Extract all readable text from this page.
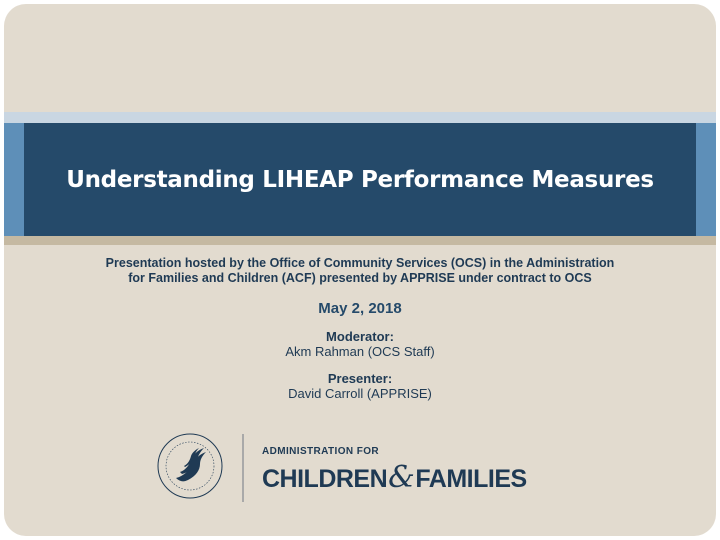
Understanding LIHEAP Performance Measures
Presentation hosted by the Office of Community Services (OCS) in the Administration
for Families and Children (ACF) presented by APPRISE under contract to OCS
May 2, 2018
Moderator:
Akm Rahman (OCS Staff)
Presenter:
David Carroll (APPRISE)
ADMINISTRATION FOR
CHILDREN&FAMILIES
